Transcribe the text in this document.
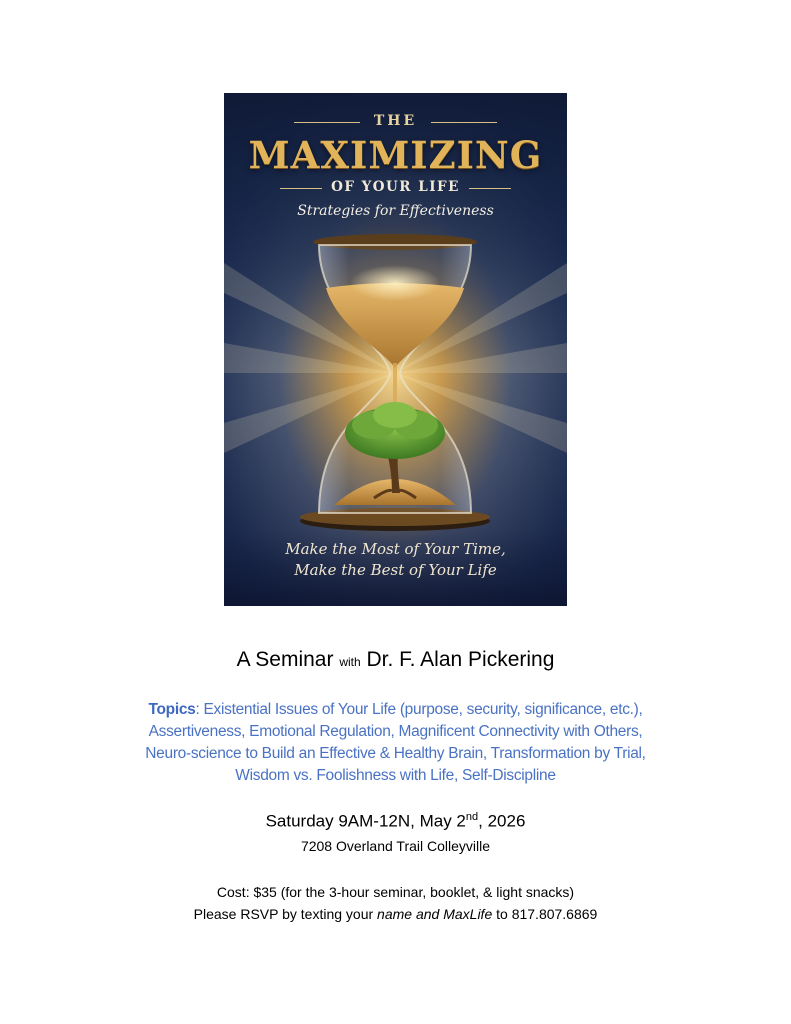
THE
MAXIMIZING
OF YOUR LIFE
Strategies for Effectiveness
Make the Most of Your Time,
Make the Best of Your Life
A Seminar with Dr. F. Alan Pickering
Topics: Existential Issues of Your Life (purpose, security, significance, etc.),
Assertiveness, Emotional Regulation, Magnificent Connectivity with Others,
Neuro-science to Build an Effective & Healthy Brain, Transformation by Trial,
Wisdom vs. Foolishness with Life, Self-Discipline
Saturday 9AM-12N, May 2nd, 2026
7208 Overland Trail Colleyville
Cost: $35 (for the 3-hour seminar, booklet, & light snacks)
Please RSVP by texting your name and MaxLife to 817.807.6869
